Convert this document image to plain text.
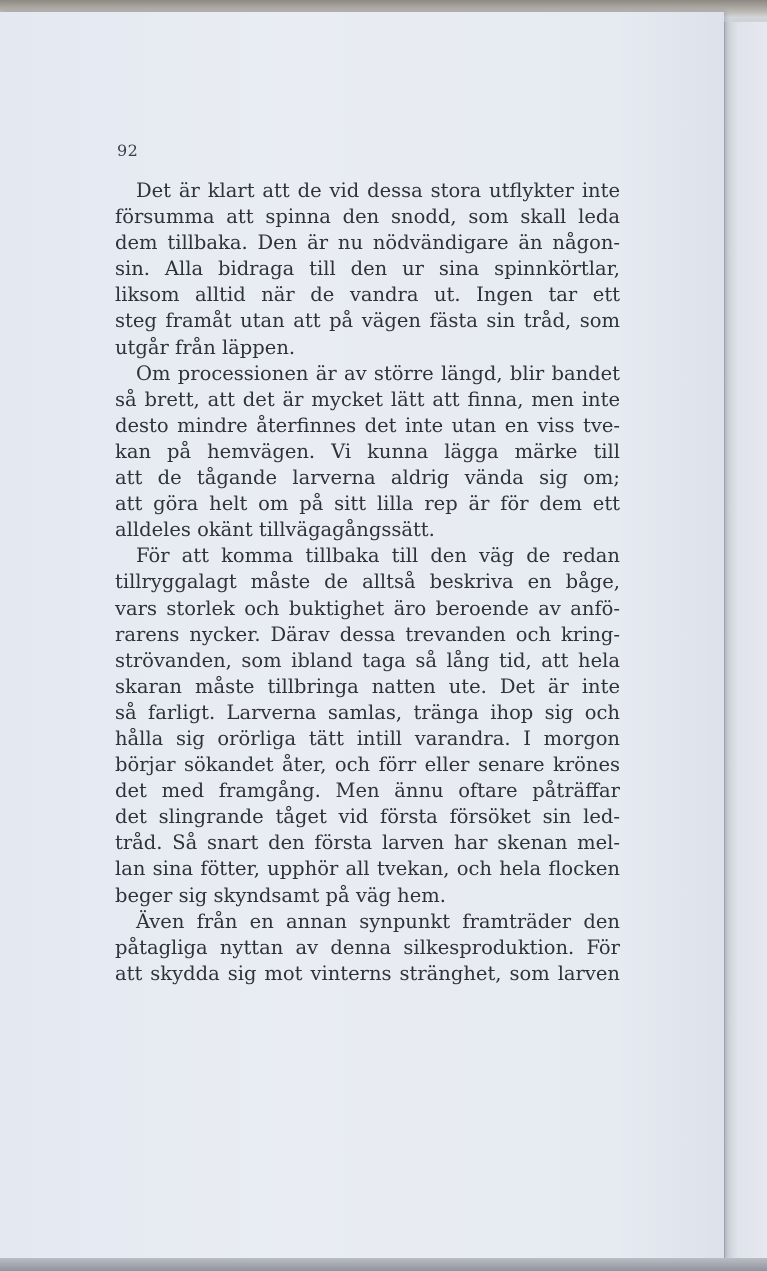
92
Det är klart att de vid dessa stora utflykter inte
försumma att spinna den snodd, som skall leda
dem tillbaka. Den är nu nödvändigare än någon-
sin. Alla bidraga till den ur sina spinnkörtlar,
liksom alltid när de vandra ut. Ingen tar ett
steg framåt utan att på vägen fästa sin tråd, som
utgår från läppen.
Om processionen är av större längd, blir bandet
så brett, att det är mycket lätt att finna, men inte
desto mindre återfinnes det inte utan en viss tve-
kan på hemvägen. Vi kunna lägga märke till
att de tågande larverna aldrig vända sig om;
att göra helt om på sitt lilla rep är för dem ett
alldeles okänt tillvägagångssätt.
För att komma tillbaka till den väg de redan
tillryggalagt måste de alltså beskriva en båge,
vars storlek och buktighet äro beroende av anfö-
rarens nycker. Därav dessa trevanden och kring-
strövanden, som ibland taga så lång tid, att hela
skaran måste tillbringa natten ute. Det är inte
så farligt. Larverna samlas, tränga ihop sig och
hålla sig orörliga tätt intill varandra. I morgon
börjar sökandet åter, och förr eller senare krönes
det med framgång. Men ännu oftare påträffar
det slingrande tåget vid första försöket sin led-
tråd. Så snart den första larven har skenan mel-
lan sina fötter, upphör all tvekan, och hela flocken
beger sig skyndsamt på väg hem.
Även från en annan synpunkt framträder den
påtagliga nyttan av denna silkesproduktion. För
att skydda sig mot vinterns stränghet, som larven
